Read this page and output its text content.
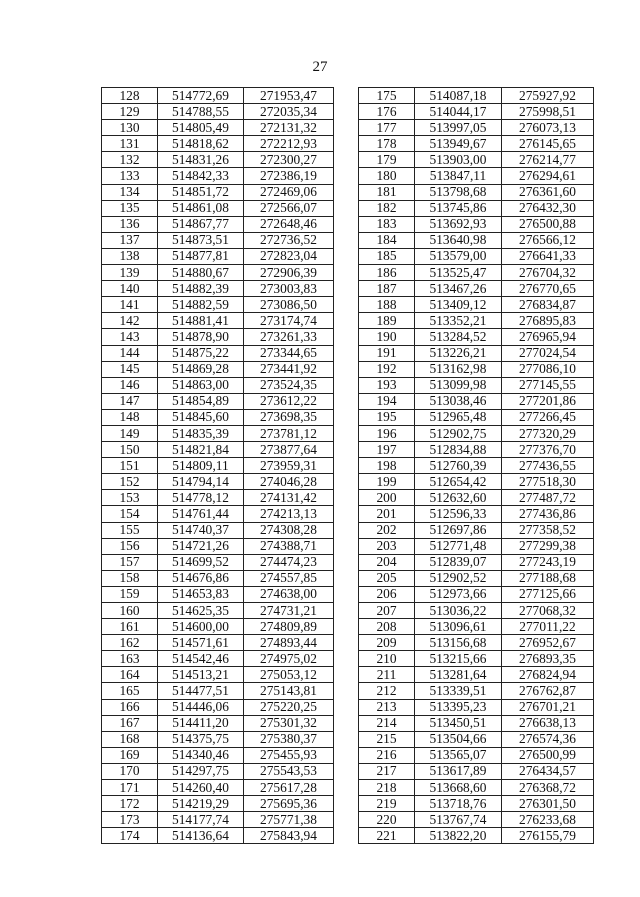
27
128	514772,69	271953,47
129	514788,55	272035,34
130	514805,49	272131,32
131	514818,62	272212,93
132	514831,26	272300,27
133	514842,33	272386,19
134	514851,72	272469,06
135	514861,08	272566,07
136	514867,77	272648,46
137	514873,51	272736,52
138	514877,81	272823,04
139	514880,67	272906,39
140	514882,39	273003,83
141	514882,59	273086,50
142	514881,41	273174,74
143	514878,90	273261,33
144	514875,22	273344,65
145	514869,28	273441,92
146	514863,00	273524,35
147	514854,89	273612,22
148	514845,60	273698,35
149	514835,39	273781,12
150	514821,84	273877,64
151	514809,11	273959,31
152	514794,14	274046,28
153	514778,12	274131,42
154	514761,44	274213,13
155	514740,37	274308,28
156	514721,26	274388,71
157	514699,52	274474,23
158	514676,86	274557,85
159	514653,83	274638,00
160	514625,35	274731,21
161	514600,00	274809,89
162	514571,61	274893,44
163	514542,46	274975,02
164	514513,21	275053,12
165	514477,51	275143,81
166	514446,06	275220,25
167	514411,20	275301,32
168	514375,75	275380,37
169	514340,46	275455,93
170	514297,75	275543,53
171	514260,40	275617,28
172	514219,29	275695,36
173	514177,74	275771,38
174	514136,64	275843,94
175	514087,18	275927,92
176	514044,17	275998,51
177	513997,05	276073,13
178	513949,67	276145,65
179	513903,00	276214,77
180	513847,11	276294,61
181	513798,68	276361,60
182	513745,86	276432,30
183	513692,93	276500,88
184	513640,98	276566,12
185	513579,00	276641,33
186	513525,47	276704,32
187	513467,26	276770,65
188	513409,12	276834,87
189	513352,21	276895,83
190	513284,52	276965,94
191	513226,21	277024,54
192	513162,98	277086,10
193	513099,98	277145,55
194	513038,46	277201,86
195	512965,48	277266,45
196	512902,75	277320,29
197	512834,88	277376,70
198	512760,39	277436,55
199	512654,42	277518,30
200	512632,60	277487,72
201	512596,33	277436,86
202	512697,86	277358,52
203	512771,48	277299,38
204	512839,07	277243,19
205	512902,52	277188,68
206	512973,66	277125,66
207	513036,22	277068,32
208	513096,61	277011,22
209	513156,68	276952,67
210	513215,66	276893,35
211	513281,64	276824,94
212	513339,51	276762,87
213	513395,23	276701,21
214	513450,51	276638,13
215	513504,66	276574,36
216	513565,07	276500,99
217	513617,89	276434,57
218	513668,60	276368,72
219	513718,76	276301,50
220	513767,74	276233,68
221	513822,20	276155,79
